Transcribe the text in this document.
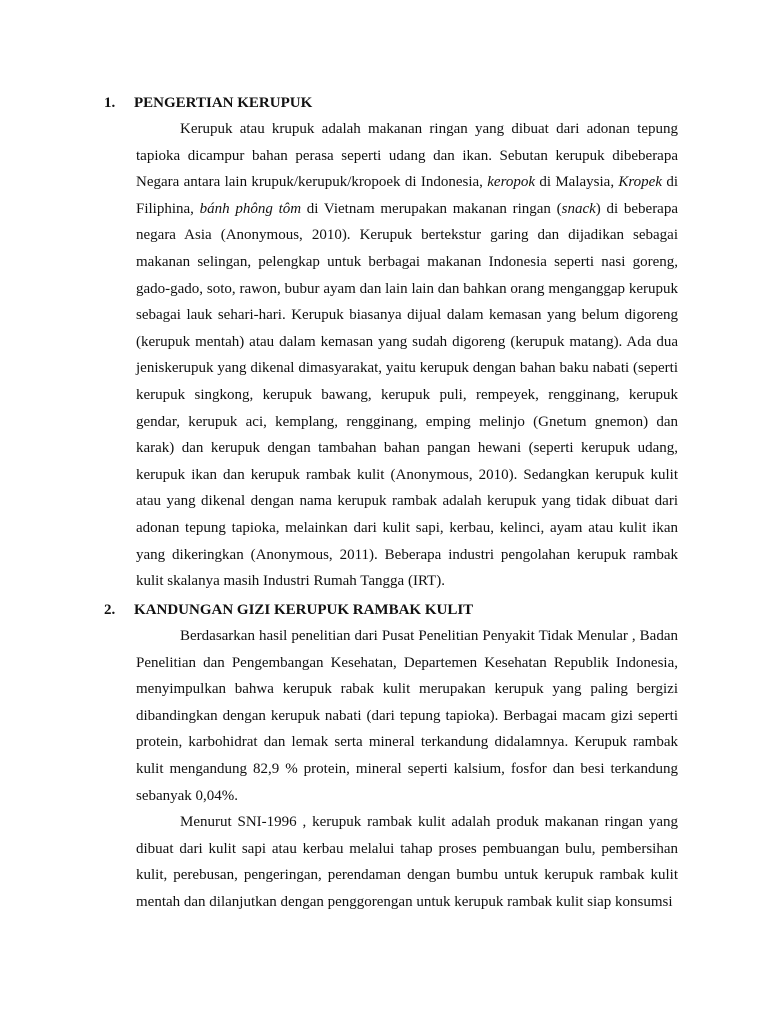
1. PENGERTIAN KERUPUK

Kerupuk atau krupuk adalah makanan ringan yang dibuat dari adonan tepung tapioka dicampur bahan perasa seperti udang dan ikan. Sebutan kerupuk dibeberapa Negara antara lain krupuk/kerupuk/kropoek di Indonesia, keropok di Malaysia, Kropek di Filiphina, bánh phông tôm di Vietnam merupakan makanan ringan (snack) di beberapa negara Asia (Anonymous, 2010). Kerupuk bertekstur garing dan dijadikan sebagai makanan selingan, pelengkap untuk berbagai makanan Indonesia seperti nasi goreng, gado-gado, soto, rawon, bubur ayam dan lain lain dan bahkan orang menganggap kerupuk sebagai lauk sehari-hari. Kerupuk biasanya dijual dalam kemasan yang belum digoreng (kerupuk mentah) atau dalam kemasan yang sudah digoreng (kerupuk matang). Ada dua jeniskerupuk yang dikenal dimasyarakat, yaitu kerupuk dengan bahan baku nabati (seperti kerupuk singkong, kerupuk bawang, kerupuk puli, rempeyek, rengginang, kerupuk gendar, kerupuk aci, kemplang, rengginang, emping melinjo (Gnetum gnemon) dan karak) dan kerupuk dengan tambahan bahan pangan hewani (seperti kerupuk udang, kerupuk ikan dan kerupuk rambak kulit (Anonymous, 2010). Sedangkan kerupuk kulit atau yang dikenal dengan nama kerupuk rambak adalah kerupuk yang tidak dibuat dari adonan tepung tapioka, melainkan dari kulit sapi, kerbau, kelinci, ayam atau kulit ikan yang dikeringkan (Anonymous, 2011). Beberapa industri pengolahan kerupuk rambak kulit skalanya masih Industri Rumah Tangga (IRT).

2. KANDUNGAN GIZI KERUPUK RAMBAK KULIT

Berdasarkan hasil penelitian dari Pusat Penelitian Penyakit Tidak Menular , Badan Penelitian dan Pengembangan Kesehatan, Departemen Kesehatan Republik Indonesia, menyimpulkan bahwa kerupuk rabak kulit merupakan kerupuk yang paling bergizi dibandingkan dengan kerupuk nabati (dari tepung tapioka). Berbagai macam gizi seperti protein, karbohidrat dan lemak serta mineral terkandung didalamnya. Kerupuk rambak kulit mengandung 82,9 % protein, mineral seperti kalsium, fosfor dan besi terkandung sebanyak 0,04%.

Menurut SNI-1996 , kerupuk rambak kulit adalah produk makanan ringan yang dibuat dari kulit sapi atau kerbau melalui tahap proses pembuangan bulu, pembersihan kulit, perebusan, pengeringan, perendaman dengan bumbu untuk kerupuk rambak kulit mentah dan dilanjutkan dengan penggorengan untuk kerupuk rambak kulit siap konsumsi
